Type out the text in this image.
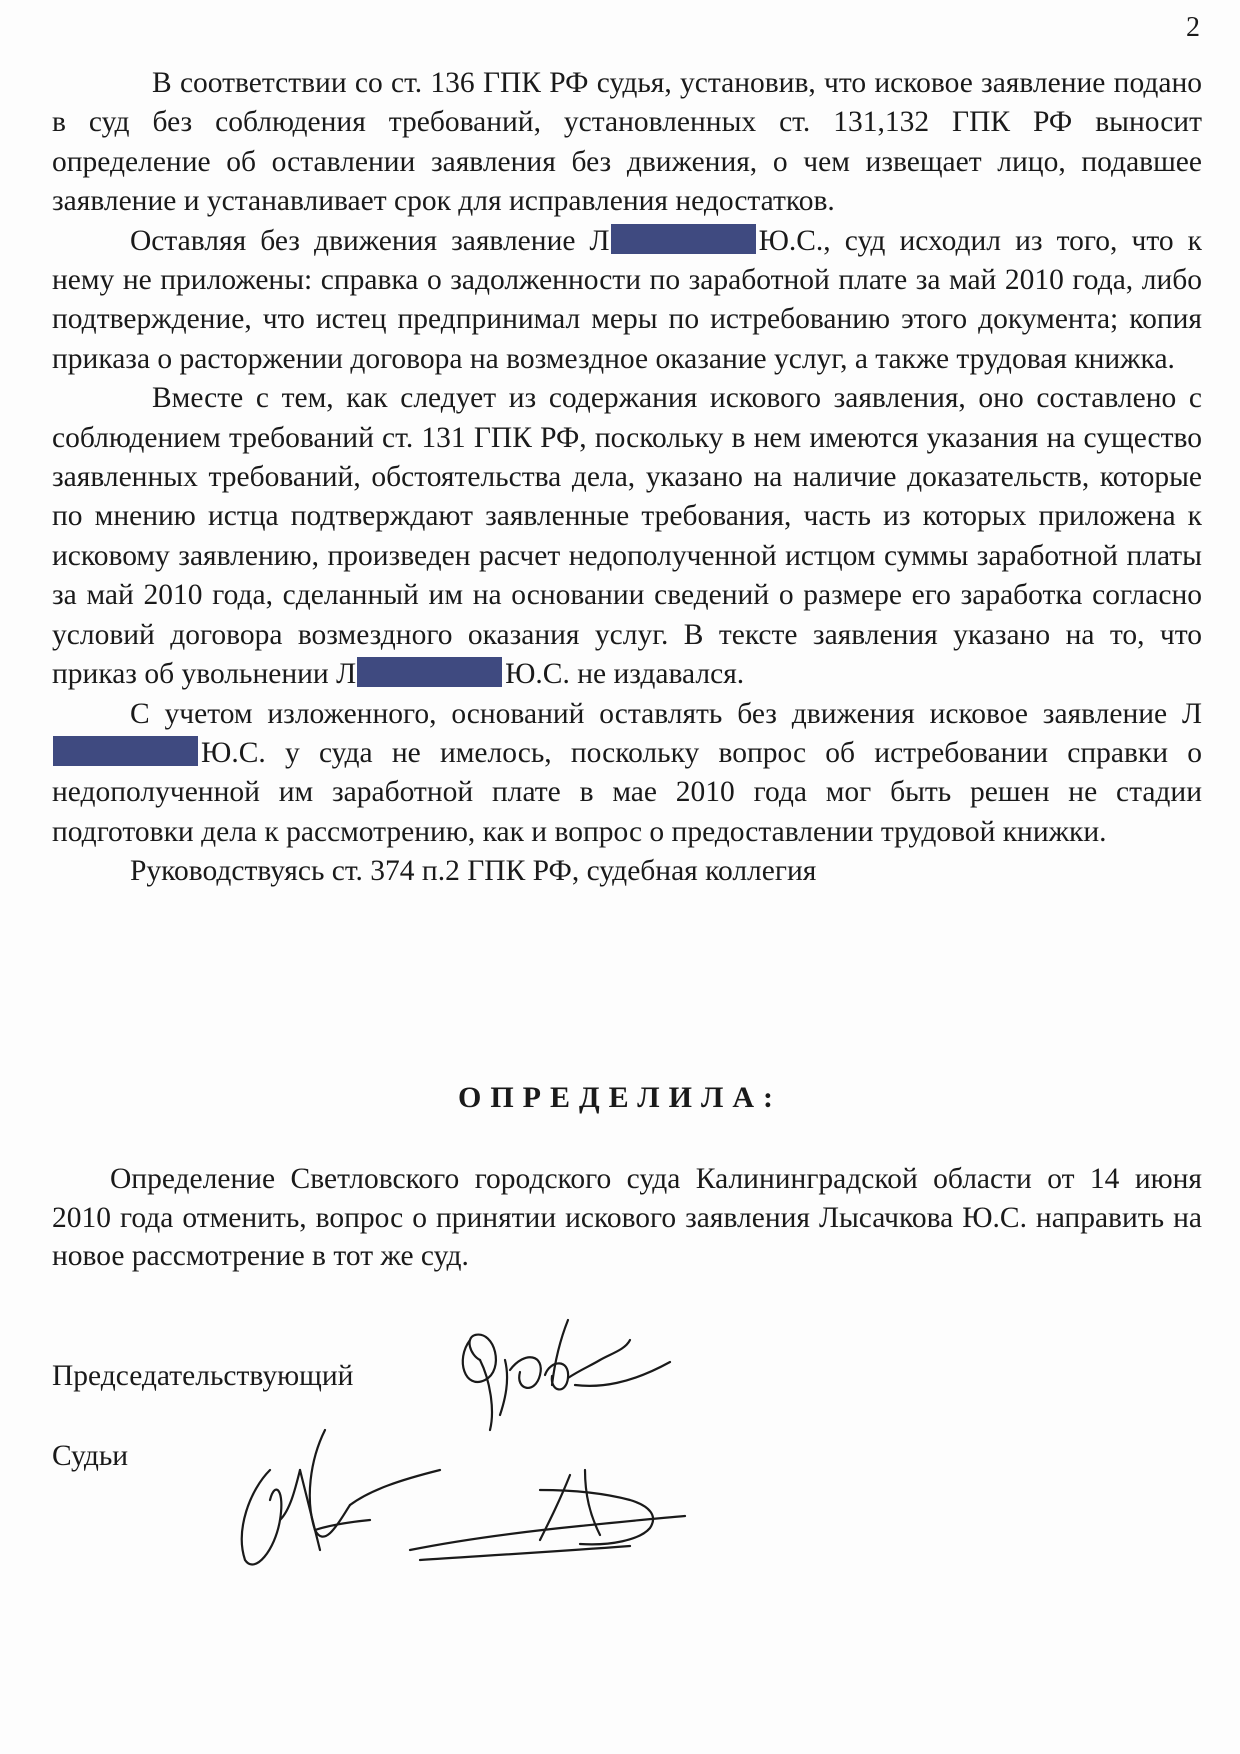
2

В соответствии со ст. 136 ГПК РФ судья, установив, что исковое заявление подано в суд без соблюдения требований, установленных ст. 131,132 ГПК РФ выносит определение об оставлении заявления без движения, о чем извещает лицо, подавшее заявление и устанавливает срок для исправления недостатков.

Оставляя без движения заявление Л	Ю.С., суд исходил из того, что к нему не приложены: справка о задолженности по заработной плате за май 2010 года, либо подтверждение, что истец предпринимал меры по истребованию этого документа; копия приказа о расторжении договора на возмездное оказание услуг, а также трудовая книжка.

Вместе с тем, как следует из содержания искового заявления, оно составлено с соблюдением требований ст. 131 ГПК РФ, поскольку в нем имеются указания на существо заявленных требований, обстоятельства дела, указано на наличие доказательств, которые по мнению истца подтверждают заявленные требования, часть из которых приложена к исковому заявлению, произведен расчет недополученной истцом суммы заработной платы за май 2010 года, сделанный им на основании сведений о размере его заработка согласно условий договора возмездного оказания услуг. В тексте заявления указано на то, что приказ об увольнении Л	Ю.С. не издавался.

С учетом изложенного, оснований оставлять без движения исковое заявление ЛЮ.С. у суда не имелось, поскольку вопрос об истребовании справки о недополученной им заработной плате в мае 2010 года мог быть решен не стадии подготовки дела к рассмотрению, как и вопрос о предоставлении трудовой книжки.

Руководствуясь ст. 374 п.2 ГПК РФ, судебная коллегия

ОПРЕДЕЛИЛА:

Определение Светловского городского суда Калининградской области от 14 июня 2010 года отменить, вопрос о принятии искового заявления Лысачкова Ю.С. направить на новое рассмотрение в тот же суд.

Председательствующий
Судьи
